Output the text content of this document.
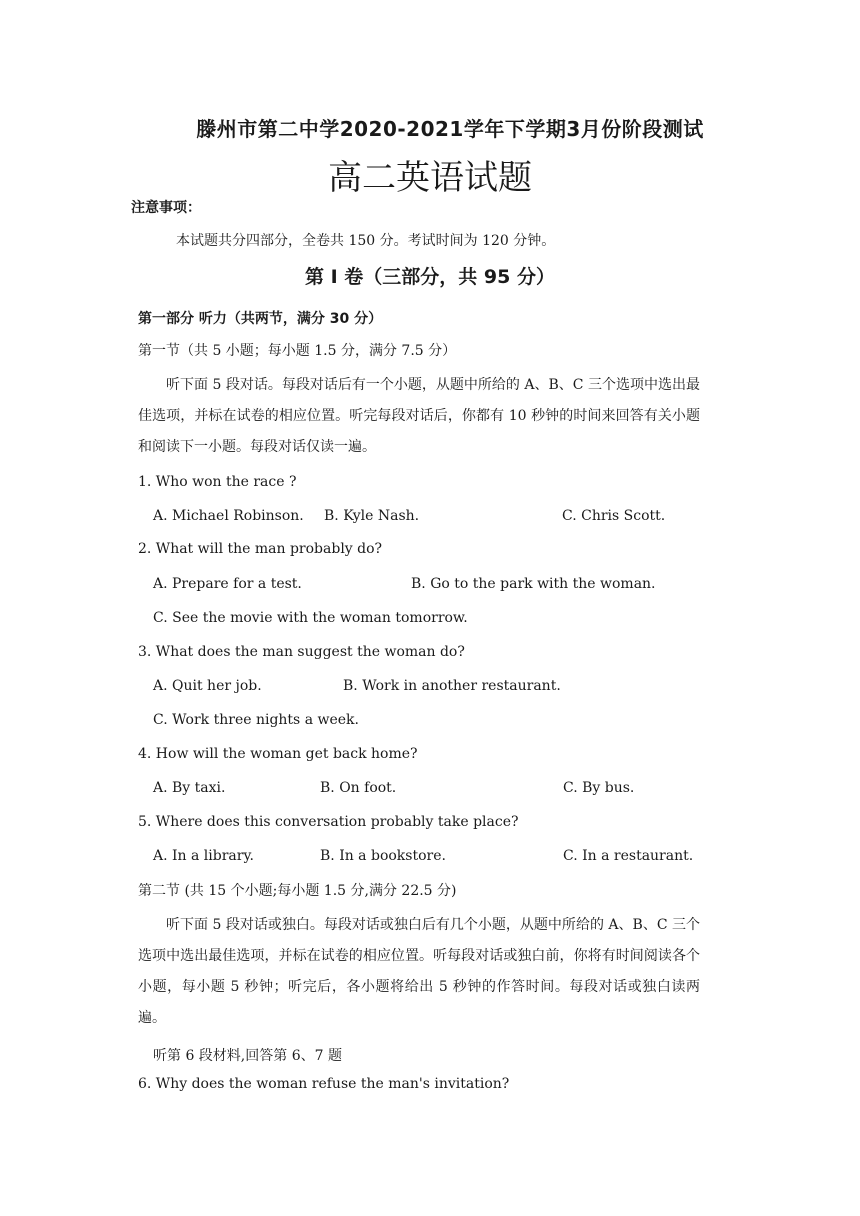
滕州市第二中学2020-2021学年下学期3月份阶段测试
高二英语试题
注意事项：
本试题共分四部分，全卷共 150 分。考试时间为 120 分钟。
第 Ⅰ 卷（三部分，共 95 分）
第一部分 听力（共两节，满分 30 分）
第一节（共 5 小题；每小题 1.5 分，满分 7.5 分）
听下面 5 段对话。每段对话后有一个小题，从题中所给的 A、B、C 三个选项中选出最佳选项，并标在试卷的相应位置。听完每段对话后，你都有 10 秒钟的时间来回答有关小题和阅读下一小题。每段对话仅读一遍。
1. Who won the race ?
A. Michael Robinson. B. Kyle Nash.	C. Chris Scott.
2. What will the man probably do?
A. Prepare for a test.	B. Go to the park with the woman.
C. See the movie with the woman tomorrow.
3. What does the man suggest the woman do?
A. Quit her job.	B. Work in another restaurant.
C. Work three nights a week.
4. How will the woman get back home?
A. By taxi.	B. On foot.	C. By bus.
5. Where does this conversation probably take place?
A. In a library.	B. In a bookstore.	C. In a restaurant.
第二节 (共 15 个小题;每小题 1.5 分,满分 22.5 分)
听下面 5 段对话或独白。每段对话或独白后有几个小题，从题中所给的 A、B、C 三个选项中选出最佳选项，并标在试卷的相应位置。听每段对话或独白前，你将有时间阅读各个小题，每小题 5 秒钟；听完后，各小题将给出 5 秒钟的作答时间。每段对话或独白读两遍。
听第 6 段材料,回答第 6、7 题
6. Why does the woman refuse the man's invitation?
